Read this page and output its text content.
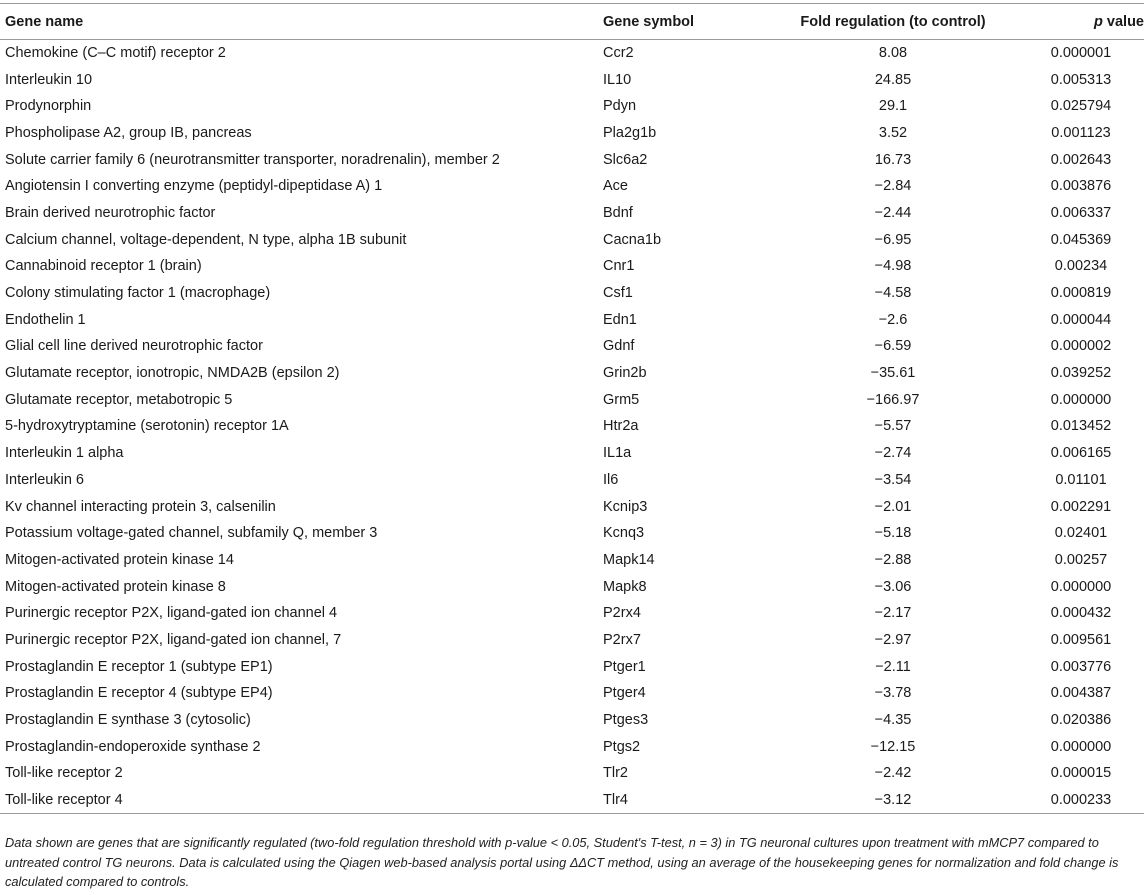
Gene name	Gene symbol	Fold regulation (to control)	p value
Chemokine (C–C motif) receptor 2	Ccr2	8.08	0.000001
Interleukin 10	IL10	24.85	0.005313
Prodynorphin	Pdyn	29.1	0.025794
Phospholipase A2, group IB, pancreas	Pla2g1b	3.52	0.001123
Solute carrier family 6 (neurotransmitter transporter, noradrenalin), member 2	Slc6a2	16.73	0.002643
Angiotensin I converting enzyme (peptidyl-dipeptidase A) 1	Ace	−2.84	0.003876
Brain derived neurotrophic factor	Bdnf	−2.44	0.006337
Calcium channel, voltage-dependent, N type, alpha 1B subunit	Cacna1b	−6.95	0.045369
Cannabinoid receptor 1 (brain)	Cnr1	−4.98	0.00234
Colony stimulating factor 1 (macrophage)	Csf1	−4.58	0.000819
Endothelin 1	Edn1	−2.6	0.000044
Glial cell line derived neurotrophic factor	Gdnf	−6.59	0.000002
Glutamate receptor, ionotropic, NMDA2B (epsilon 2)	Grin2b	−35.61	0.039252
Glutamate receptor, metabotropic 5	Grm5	−166.97	0.000000
5-hydroxytryptamine (serotonin) receptor 1A	Htr2a	−5.57	0.013452
Interleukin 1 alpha	IL1a	−2.74	0.006165
Interleukin 6	Il6	−3.54	0.01101
Kv channel interacting protein 3, calsenilin	Kcnip3	−2.01	0.002291
Potassium voltage-gated channel, subfamily Q, member 3	Kcnq3	−5.18	0.02401
Mitogen-activated protein kinase 14	Mapk14	−2.88	0.00257
Mitogen-activated protein kinase 8	Mapk8	−3.06	0.000000
Purinergic receptor P2X, ligand-gated ion channel 4	P2rx4	−2.17	0.000432
Purinergic receptor P2X, ligand-gated ion channel, 7	P2rx7	−2.97	0.009561
Prostaglandin E receptor 1 (subtype EP1)	Ptger1	−2.11	0.003776
Prostaglandin E receptor 4 (subtype EP4)	Ptger4	−3.78	0.004387
Prostaglandin E synthase 3 (cytosolic)	Ptges3	−4.35	0.020386
Prostaglandin-endoperoxide synthase 2	Ptgs2	−12.15	0.000000
Toll-like receptor 2	Tlr2	−2.42	0.000015
Toll-like receptor 4	Tlr4	−3.12	0.000233
Data shown are genes that are significantly regulated (two-fold regulation threshold with p-value < 0.05, Student's T-test, n = 3) in TG neuronal cultures upon treatment with mMCP7 compared to untreated control TG neurons. Data is calculated using the Qiagen web-based analysis portal using ΔΔCT method, using an average of the housekeeping genes for normalization and fold change is calculated compared to controls.
